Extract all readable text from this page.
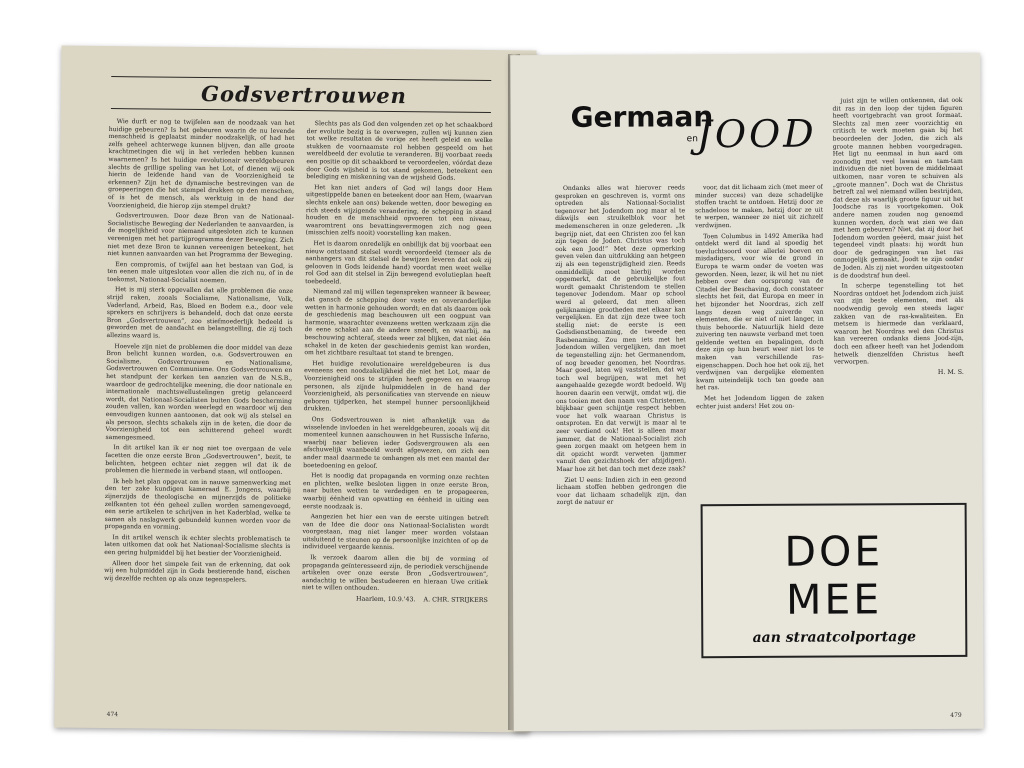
Godsvertrouwen

Wie durft er nog te twijfelen aan de noodzaak van het huidige gebeuren? Is het gebeuren waarin de nu levende menschheid is geplaatst minder noodzakelijk, of had het zelfs geheel achterwege kunnen blijven, dan alle groote krachtmetingen die wij in het verleden hebben kunnen waarnemen? Is het huidige revolutionair wereldgebeuren slechts de grillige speling van het Lot, of dienen wij ook hierin de leidende hand van de Voorzienigheid te erkennen? Zijn het de dynamische bestrevingen van de groepeeringen die het stempel drukken op den menschen, of is het de mensch, als werktuig in de hand der Voorzienigheid, die hierop zijn stempel drukt?

Godsvertrouwen. Door deze Bron van de Nationaal-Socialistische Beweging der Nederlanden te aanvaarden, is de mogelijkheid voor niemand uitgesloten zich te kunnen vereenigen met het partijprogramma dezer Beweging. Zich niet met deze Bron te kunnen vereenigen beteekent, het niet kunnen aanvaarden van het Programma der Beweging.

Een compromis, of twijfel aan het bestaan van God, is ten eenen male uitgesloten voor allen die zich nu, of in de toekomst, Nationaal-Socialist noemen.

Het is mij sterk opgevallen dat alle problemen die onze strijd raken, zooals Socialisme, Nationalisme, Volk, Vaderland, Arbeid, Ras, Bloed en Bodem e.a., door vele sprekers en schrijvers is behandeld, doch dat onze eerste Bron „Godsvertrouwen”, zoo stiefmoederlijk bedeeld is geworden met de aandacht en belangstelling, die zij toch allezins waard is.

Hoevele zijn niet de problemen die door middel van deze Bron belicht kunnen worden, o.a. Godsvertrouwen en Socialisme, Godsvertrouwen en Nationalisme, Godsvertrouwen en Communisme. Ons Godsvertrouwen en het standpunt der kerken ten aanzien van de N.S.B., waardoor de gedrochtelijke meening, die door nationale en internationale machtswellustelingen gretig gelanceerd wordt, dat Nationaal-Socialisten buiten Gods bescherming zouden vallen, kan worden weerlegd en waardoor wij den eenvoudigen kunnen aantoonen, dat ook wij als stelsel en als persoon, slechts schakels zijn in de keten, die door de Voorzienigheid tot een schitterend geheel wordt samengesmeed.

In dit artikel kan ik er nog niet toe overgaan de vele facetten die onze eerste Bron „Godsvertrouwen”, bezit, te belichten, hetgeen echter niet zeggen wil dat ik de problemen die hiermede in verband staan, wil ontloopen.

Ik heb het plan opgevat om in nauwe samenwerking met den ter zake kundigen kameraad E. Jongens, waarbij zijnerzijds de theologische en mijnerzijds de politieke zelfkanten tot één geheel zullen worden samengevoegd, een serie artikelen te schrijven in het Kaderblad, welke te samen als naslagwerk gebundeld kunnen worden voor de propaganda en vorming.

In dit artikel wensch ik echter slechts problematisch te laten uitkomen dat ook het Nationaal-Socialisme slechts is een gering hulpmiddel bij het bestier der Voorzienigheid.

Alleen door het simpele feit van de erkenning, dat ook wij een hulpmiddel zijn in Gods bestierende hand, eischen wij dezelfde rechten op als onze tegenspelers.

Slechts pas als God den volgenden zet op het schaakbord der evolutie bezig is te overwegen, zullen wij kunnen zien tot welke resultaten de vorige zet heeft geleid en welke stukken de voornaamste rol hebben gespeeld om het wereldbeeld der evolutie te veranderen. Bij voorbaat reeds een positie op dit schaakbord te veroordeelen, vóórdat deze door Gods wijsheid is tot stand gekomen, beteekent een belediging en miskenning van de wijsheid Gods.

Het kan niet anders of God wil langs door Hem uitgestippelde banen en beteekent door aan Hem, (waarvan slechts enkele aan ons) bekende wetten, door beweging en rich steeds wijzigende verandering, de schepping in stand houden en de menschheid opvoeren tot een niveau, waaromtrent ons bevattingsvermogen zich nog geen (misschien zelfs nooit) voorstelling kan maken.

Het is daarom onredelijk en onbillijk dat bij voorbaat een nieuw ontstaand stelsel wordt veroordeeld (temeer als de aanhangers van dit stelsel de bewijzen leveren dat ook zij gelooven in Gods leidende hand) voordat men weet welke rol God aan dit stelsel in Zijn bewegend evolutieplan heeft toebedeeld.

Niemand zal mij willen tegenspreken wanneer ik beweer, dat gansch de schepping door vaste en onveranderlijke wetten in harmonie gehouden wordt; en dat als daarom ook de geschiedenis mag beschouwen uit een oogpunt van harmonie, waarachter evenzeens wetten werkzaam zijn die de eene schakel aan de andere smeedt, en waarbij, na beschouwing achteraf, steeds weer zal blijken, dat niet één schakel in de keten der geschiedenis gemist kan worden, om het zichtbare resultaat tot stand te brengen.

Het huidige revolutionaire wereldgebeuren is dus eveneens een noodzakelijkheid die niet het Lot, maar de Voorzienigheid ons te strijden heeft gegeven en waarop personen, als zijnde hulpmiddelen in de hand der Voorzienigheid, als personificaties van stervende en nieuw geboren tijdperken, het stempel hunner persoonlijkheid drukken.

Ons Godsvertrouwen is niet afhankelijk van de wisselende invloeden in het wereldgebeuren, zooals wij dit momenteel kunnen aanschouwen in het Russische Inferno, waarbij naar believen ieder Godsvergrouwen als een afschuwelijk waanbeeld wordt afgewezen, om zich een ander maal daarmede te omhangen als met een mantel der boetedoening en geloof.

Het is noodig dat propaganda en vorming onze rechten en plichten, welke besloten liggen in onze eerste Bron, naar buiten wetten te verdedigen en te propageeren, waarbij éénheid van opvatting en éénheid in uiting een eerste noodzaak is.

Aangezien het hier een van de eerste uitingen betreft van de Idee die door ons Nationaal-Socialisten wordt voorgestaan, mag niet langer meer worden volstaan uitsluitend te steunen op de persoonlijke inzichten of op de individueel vergaarde kennis.

Ik verzoek daarom allen die bij de vorming of propaganda geïnteresseerd zijn, de periodiek verschijnende artikelen over onze eerste Bron „Godsvertrouwen”, aandachtig te willen bestudeeren en hieraan Uwe critiek niet te willen onthouden.

Haarlem, 10.9.'43. A. CHR. STRIJKERS
474
Germaan
en
JOOD

Ondanks alles wat hierover reeds gesproken en geschreven is, vormt ons optreden als Nationaal-Socialist tegenover het Jodendom nog maar al te dikwijls een struikelblok voor het medemenscheren in onze gelederen. „Ik begrijp niet, dat een Christen zoo fel kan zijn tegen de Joden. Christus was toch ook een Jood!” Met deze opmerking geven velen dan uitdrukking aan hetgeen zij als een tegenstrijdigheid zien. Reeds onmiddellijk moet hierbij worden opgemerkt, dat de gebruikelijke fout wordt gemaakt Christendom te stellen tegenover Jodendom. Maar op school werd al geleerd, dat men alleen gelijknamige grootheden met elkaar kan vergelijken. En dat zijn deze twee toch stellig niet: de eerste is een Godsdienstbenaming, de tweede een Rasbenaming. Zou men iets met het Jodendom willen vergelijken, dan moet de tegenstelling zijn: het Germanendom, of nog breeder genomen, het Noordras. Maar goed, laten wij vaststellen, dat wij toch wel begrijpen, wat met het aangehaalde gezegde wordt bedoeld. Wij hooren daarin een verwijt, omdat wij, die ons tooien met den naam van Christenen, blijkbaar geen schijntje respect hebben voor het volk waaraan Christus is ontsproten. En dat verwijt is maar al te zeer verdiend ook! Het is alleen maar jammer, dat de Nationaal-Socialist zich geen zorgen maakt om hetgeen hem in dit opzicht wordt verweten (jammer vanuit den gezichtshoek der afzijdigen). Maar hoe zit het dan toch met deze zaak?

Ziet U eens: Indien zich in een gezond lichaam stoffen hebben gedrongen die voor dat lichaam schadelijk zijn, dan zorgt de natuur er

voor, dat dit lichaam zich (met meer of minder succes) van deze schadelijke stoffen tracht te ontdoen. Hetzij door ze schadeloos te maken, hetzij door ze uit te werpen, wanneer ze niet uit zichzelf verdwijnen.

Toen Columbus in 1492 Amerika had ontdekt werd dit land al spoedig het toevluchtsoord voor allerlei boeven en misdadigers, voor wie de grond in Europa te warm onder de voeten was geworden. Neen, lezer, ik wil het nu niet hebben over den oorsprong van de Citadel der Beschaving, doch constateer slechts het feit, dat Europa en meer in het bijzonder het Noordras, zich zelf langs dezen weg zuiverde van elementen, die er niet of niet langer, in thuis behoorde. Natuurlijk hield deze zuivering ten nauwste verband met toen geldende wetten en bepalingen, doch deze zijn op hun beurt weer niet los te maken van verschillende ras-eigenschappen. Doch hoe het ook zij, het verdwijnen van dergelijke elementen kwam uiteindelijk toch ten goede aan het ras.

Met het Jodendom liggen de zaken echter juist anders! Het zou on-

juist zijn te willen ontkennen, dat ook dit ras in den loop der tijden figuren heeft voortgebracht van groot formaat. Slechts zal men zeer voorzichtig en critisch te werk moeten gaan bij het beoordeelen der Joden, die zich als groote mannen hebben voorgedragen. Het ligt nu eenmaal in hun aard om zoonodig met veel lawaai en tam-tam individuen die niet boven de middelmaat uitkomen, naar voren te schuiven als „groote mannen”. Doch wat de Christus betreft zal wel niemand willen bestrijden, dat deze als waarlijk groote figuur uit het Joodsche ras is voortgekomen. Ook andere namen zouden nog genoemd kunnen worden, doch wat zien we dan met hem gebeuren? Niet, dat zij door het Jodendom worden geëerd, maar juist het tegendeel vindt plaats: hij wordt hun door de gedragingen van het ras onmogelijk gemaakt, Joodt te zijn onder de Joden. Als zij niet worden uitgestooten is de doodstraf hun deel.

In scherpe tegenstelling tot het Noordras ontdoet het Jodendom zich juist van zijn beste elementen, met als noodwendig gevolg een steeds lager zakken van de ras-kwaliteiten. En metsem is hiermede dan verklaard, waarom het Noordras wel den Christus kan vereeren ondanks diens Jood-zijn, doch een afkeer heeft van het Jodendom hetwelk dienzelfden Christus heeft verworpen.

H. M. S.
DOE
MEE
aan straatcolportage
479
